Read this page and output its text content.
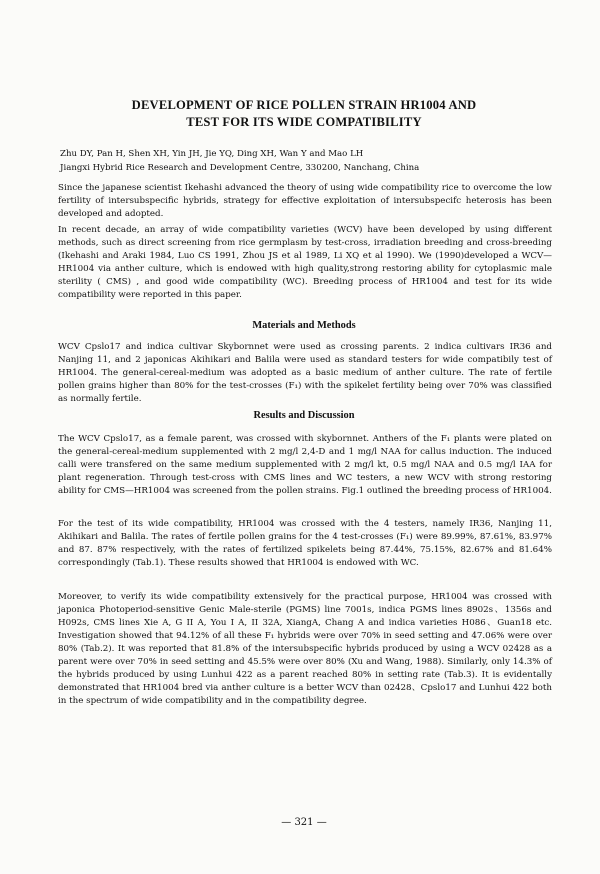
DEVELOPMENT OF RICE POLLEN STRAIN HR1004 AND
TEST FOR ITS WIDE COMPATIBILITY
Zhu DY, Pan H, Shen XH, Yin JH, Jie YQ, Ding XH, Wan Y and Mao LH
Jiangxi Hybrid Rice Research and Development Centre, 330200, Nanchang, China

Since the japanese scientist Ikehashi advanced the theory of using wide compatibility rice to overcome the low fertility of intersubspecific hybrids, strategy for effective exploitation of intersubspecifc heterosis has been developed and adopted.

In recent decade, an array of wide compatibility varieties (WCV) have been developed by using different methods, such as direct screening from rice germplasm by test-cross, irradiation breeding and cross-breeding (Ikehashi and Araki 1984, Luo CS 1991, Zhou JS et al 1989, Li XQ et al 1990). We (1990)developed a WCV—HR1004 via anther culture, which is endowed with high quality,strong restoring ability for cytoplasmic male sterility ( CMS) , and good wide compatibility (WC). Breeding process of HR1004 and test for its wide compatibility were reported in this paper.

Materials and Methods

WCV Cpslo17 and indica cultivar Skybornnet were used as crossing parents. 2 indica cultivars IR36 and Nanjing 11, and 2 japonicas Akihikari and Balila were used as standard testers for wide compatibily test of HR1004. The general-cereal-medium was adopted as a basic medium of anther culture. The rate of fertile pollen grains higher than 80% for the test-crosses (F₁) with the spikelet fertility being over 70% was classified as normally fertile.

Results and Discussion

The WCV Cpslo17, as a female parent, was crossed with skybornnet. Anthers of the F₁ plants were plated on the general-cereal-medium supplemented with 2 mg/l 2,4-D and 1 mg/l NAA for callus induction. The induced calli were transfered on the same medium supplemented with 2 mg/l kt, 0.5 mg/l NAA and 0.5 mg/l IAA for plant regeneration. Through test-cross with CMS lines and WC testers, a new WCV with strong restoring ability for CMS—HR1004 was screened from the pollen strains. Fig.1 outlined the breeding process of HR1004.

For the test of its wide compatibility, HR1004 was crossed with the 4 testers, namely IR36, Nanjing 11, Akihikari and Balila. The rates of fertile pollen grains for the 4 test-crosses (F₁) were 89.99%, 87.61%, 83.97% and 87. 87% respectively, with the rates of fertilized spikelets being 87.44%, 75.15%, 82.67% and 81.64% correspondingly (Tab.1). These results showed that HR1004 is endowed with WC.

Moreover, to verify its wide compatibility extensively for the practical purpose, HR1004 was crossed with japonica Photoperiod-sensitive Genic Male-sterile (PGMS) line 7001s, indica PGMS lines 8902s、1356s and H092s, CMS lines Xie A, G II A, You I A, II 32A, XiangA, Chang A and indica varieties H086、Guan18 etc. Investigation showed that 94.12% of all these F₁ hybrids were over 70% in seed setting and 47.06% were over 80% (Tab.2). It was reported that 81.8% of the intersubspecific hybrids produced by using a WCV 02428 as a parent were over 70% in seed setting and 45.5% were over 80% (Xu and Wang, 1988). Similarly, only 14.3% of the hybrids produced by using Lunhui 422 as a parent reached 80% in setting rate (Tab.3). It is evidentally demonstrated that HR1004 bred via anther culture is a better WCV than 02428、Cpslo17 and Lunhui 422 both in the spectrum of wide compatibility and in the compatibility degree.

— 321 —
